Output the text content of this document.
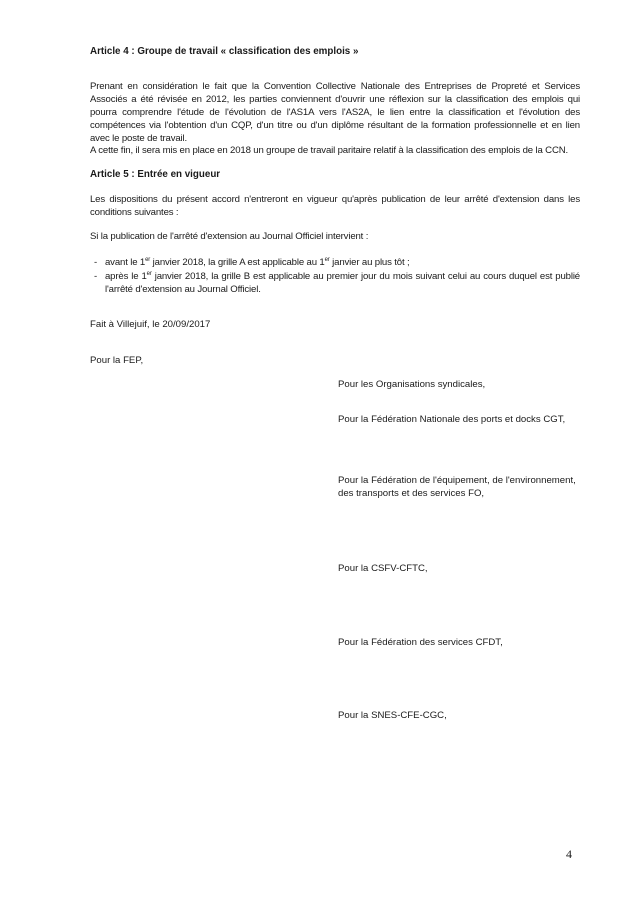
Article 4 : Groupe de travail « classification des emplois »

Prenant en considération le fait que la Convention Collective Nationale des Entreprises de Propreté et Services Associés a été révisée en 2012, les parties conviennent d'ouvrir une réflexion sur la classification des emplois qui pourra comprendre l'étude de l'évolution de l'AS1A vers l'AS2A, le lien entre la classification et l'évolution des compétences via l'obtention d'un CQP, d'un titre ou d'un diplôme résultant de la formation professionnelle et en lien avec le poste de travail.

A cette fin, il sera mis en place en 2018 un groupe de travail paritaire relatif à la classification des emplois de la CCN.

Article 5 : Entrée en vigueur

Les dispositions du présent accord n'entreront en vigueur qu'après publication de leur arrêté d'extension dans les conditions suivantes :

Si la publication de l'arrêté d'extension au Journal Officiel intervient :

- avant le 1er janvier 2018, la grille A est applicable au 1er janvier au plus tôt ;
- après le 1er janvier 2018, la grille B est applicable au premier jour du mois suivant celui au cours duquel est publié l'arrêté d'extension au Journal Officiel.
Fait à Villejuif, le 20/09/2017
Pour la FEP,
Pour les Organisations syndicales,
Pour la Fédération Nationale des ports et docks CGT,
Pour la Fédération de l'équipement, de l'environnement,
des transports et des services FO,
Pour la CSFV-CFTC,
Pour la Fédération des services CFDT,
Pour la SNES-CFE-CGC,
4
